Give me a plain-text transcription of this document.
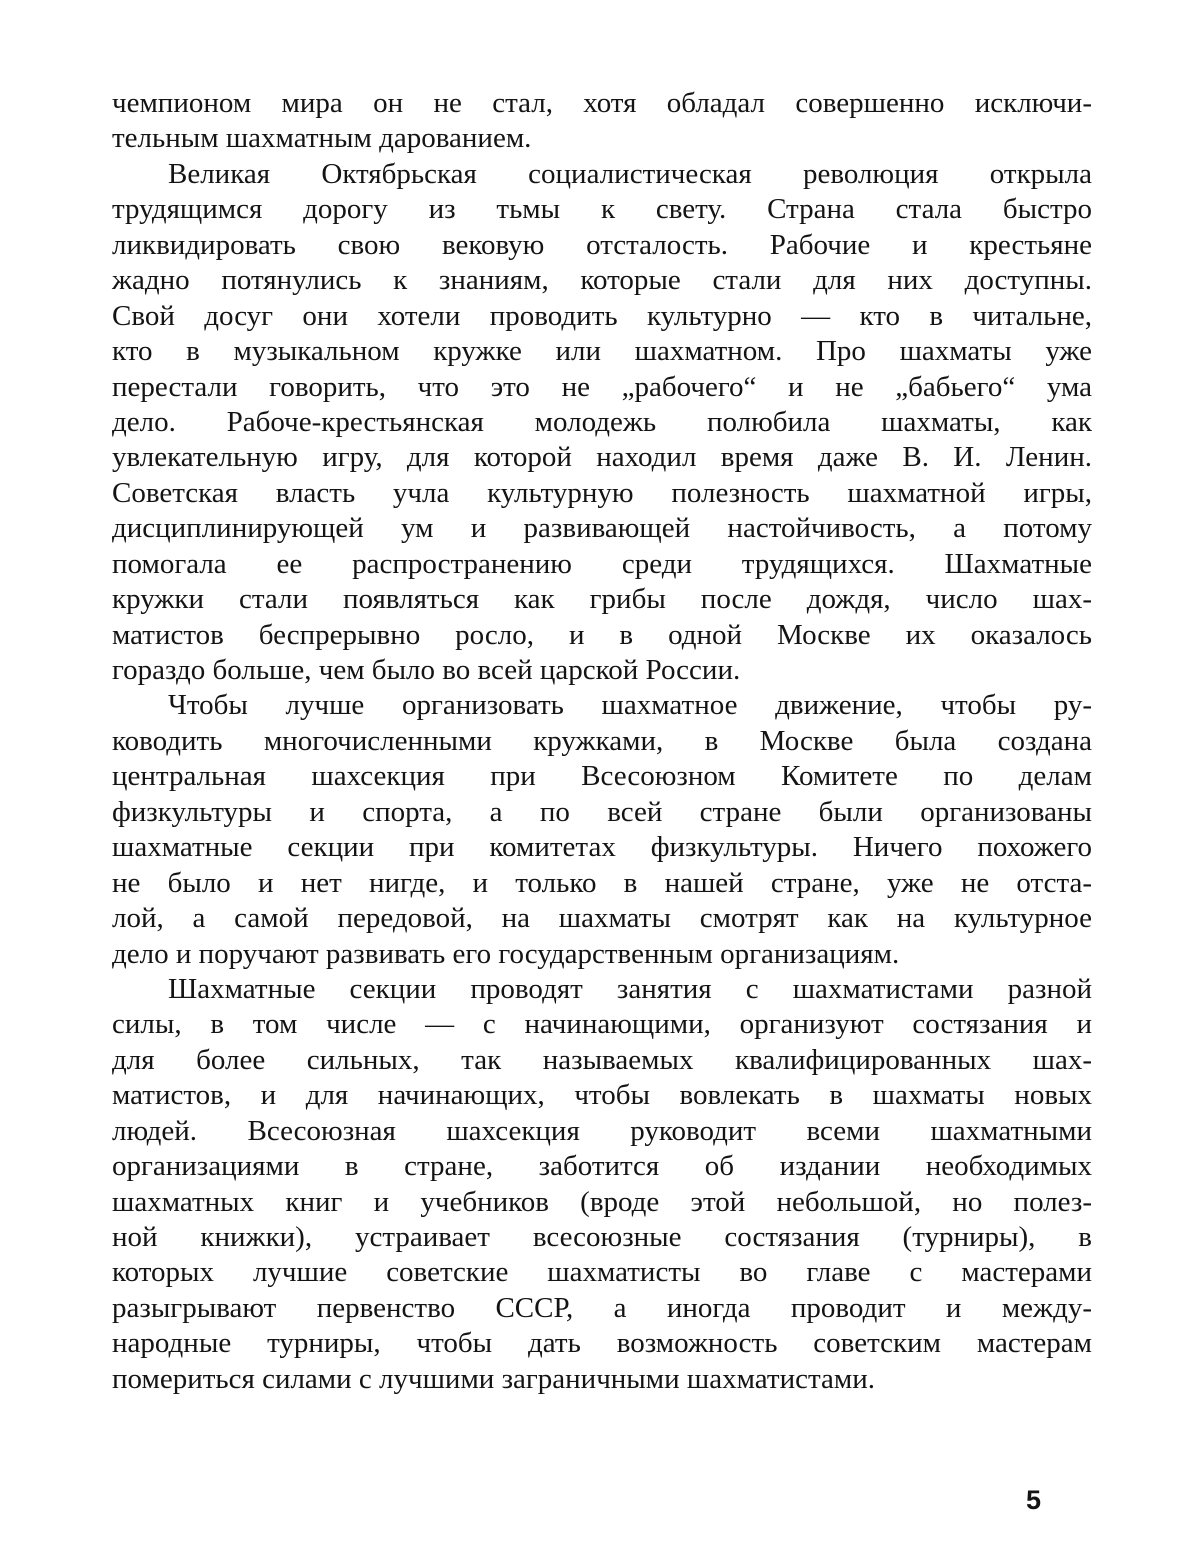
чемпионом мира он не стал, хотя обладал совершенно исключи-
тельным шахматным дарованием.
Великая Октябрьская социалистическая революция открыла
трудящимся дорогу из тьмы к свету. Страна стала быстро
ликвидировать свою вековую отсталость. Рабочие и крестьяне
жадно потянулись к знаниям, которые стали для них доступны.
Свой досуг они хотели проводить культурно — кто в читальне,
кто в музыкальном кружке или шахматном. Про шахматы уже
перестали говорить, что это не „рабочего“ и не „бабьего“ ума
дело. Рабоче-крестьянская молодежь полюбила шахматы, как
увлекательную игру, для которой находил время даже В. И. Ленин.
Советская власть учла культурную полезность шахматной игры,
дисциплинирующей ум и развивающей настойчивость, а потому
помогала ее распространению среди трудящихся. Шахматные
кружки стали появляться как грибы после дождя, число шах-
матистов беспрерывно росло, и в одной Москве их оказалось
гораздо больше, чем было во всей царской России.
Чтобы лучше организовать шахматное движение, чтобы ру-
ководить многочисленными кружками, в Москве была создана
центральная шахсекция при Всесоюзном Комитете по делам
физкультуры и спорта, а по всей стране были организованы
шахматные секции при комитетах физкультуры. Ничего похожего
не было и нет нигде, и только в нашей стране, уже не отста-
лой, а самой передовой, на шахматы смотрят как на культурное
дело и поручают развивать его государственным организациям.
Шахматные секции проводят занятия с шахматистами разной
силы, в том числе — с начинающими, организуют состязания и
для более сильных, так называемых квалифицированных шах-
матистов, и для начинающих, чтобы вовлекать в шахматы новых
людей. Всесоюзная шахсекция руководит всеми шахматными
организациями в стране, заботится об издании необходимых
шахматных книг и учебников (вроде этой небольшой, но полез-
ной книжки), устраивает всесоюзные состязания (турниры), в
которых лучшие советские шахматисты во главе с мастерами
разыгрывают первенство СССР, а иногда проводит и между-
народные турниры, чтобы дать возможность советским мастерам
помериться силами с лучшими заграничными шахматистами.
5
